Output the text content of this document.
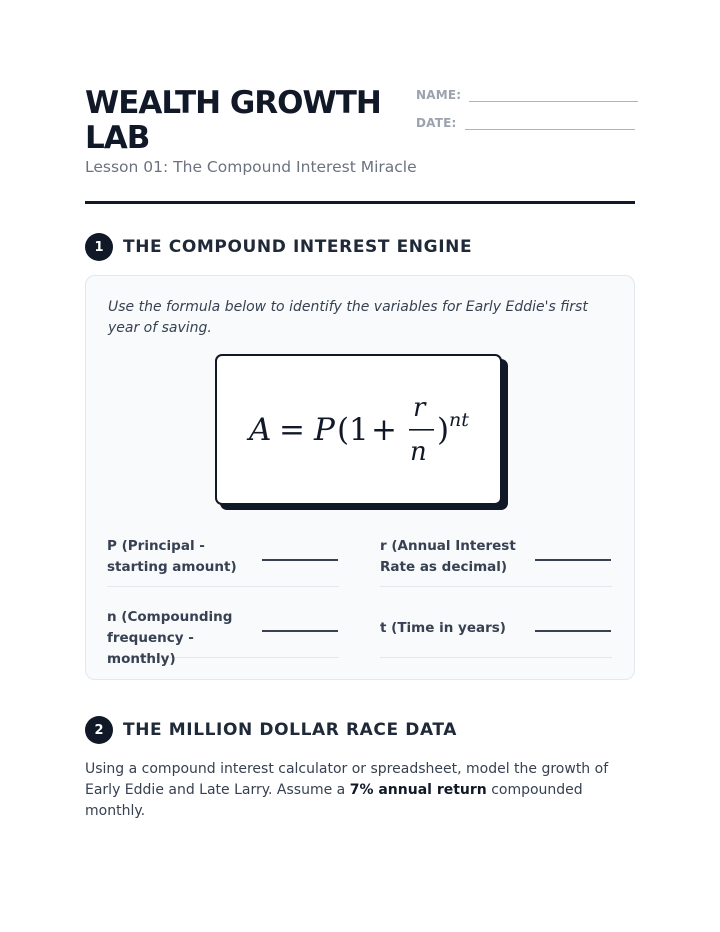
WEALTH GROWTH LAB
Lesson 01: The Compound Interest Miracle
NAME:
DATE:
1	THE COMPOUND INTEREST ENGINE
Use the formula below to identify the variables for Early Eddie's first year of saving.
A = P ( 1 +
r
n
) nt
P (Principal - starting amount)
r (Annual Interest Rate as decimal)
n (Compounding frequency - monthly)
t (Time in years)
2	THE MILLION DOLLAR RACE DATA
Using a compound interest calculator or spreadsheet, model the growth of Early Eddie and Late Larry. Assume a 7% annual return compounded monthly.
